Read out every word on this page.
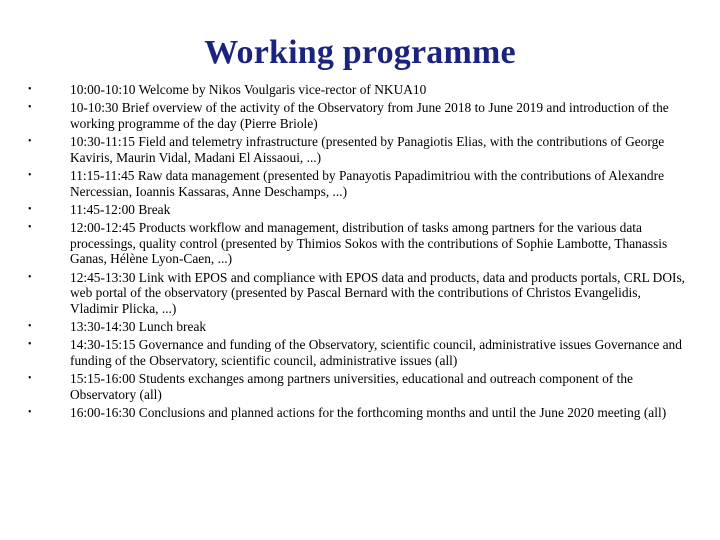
Working programme
•	10:00-10:10 Welcome by Nikos Voulgaris vice-rector of NKUA10
•	10-10:30 Brief overview of the activity of the Observatory from June 2018 to June 2019 and introduction of the working programme of the day (Pierre Briole)
•	10:30-11:15 Field and telemetry infrastructure (presented by Panagiotis Elias, with the contributions of George Kaviris, Maurin Vidal, Madani El Aissaoui, ...)
•	11:15-11:45 Raw data management (presented by Panayotis Papadimitriou with the contributions of Alexandre Nercessian, Ioannis Kassaras, Anne Deschamps, ...)
•	11:45-12:00 Break
•	12:00-12:45 Products workflow and management, distribution of tasks among partners for the various data processings, quality control (presented by Thimios Sokos with the contributions of Sophie Lambotte, Thanassis Ganas, Hélène Lyon-Caen, ...)
•	12:45-13:30 Link with EPOS and compliance with EPOS data and products, data and products portals, CRL DOIs, web portal of the observatory (presented by Pascal Bernard with the contributions of Christos Evangelidis, Vladimir Plicka, ...)
•	13:30-14:30 Lunch break
•	14:30-15:15 Governance and funding of the Observatory, scientific council, administrative issues Governance and funding of the Observatory, scientific council, administrative issues (all)
•	15:15-16:00 Students exchanges among partners universities, educational and outreach component of the Observatory (all)
•	16:00-16:30 Conclusions and planned actions for the forthcoming months and until the June 2020 meeting (all)
